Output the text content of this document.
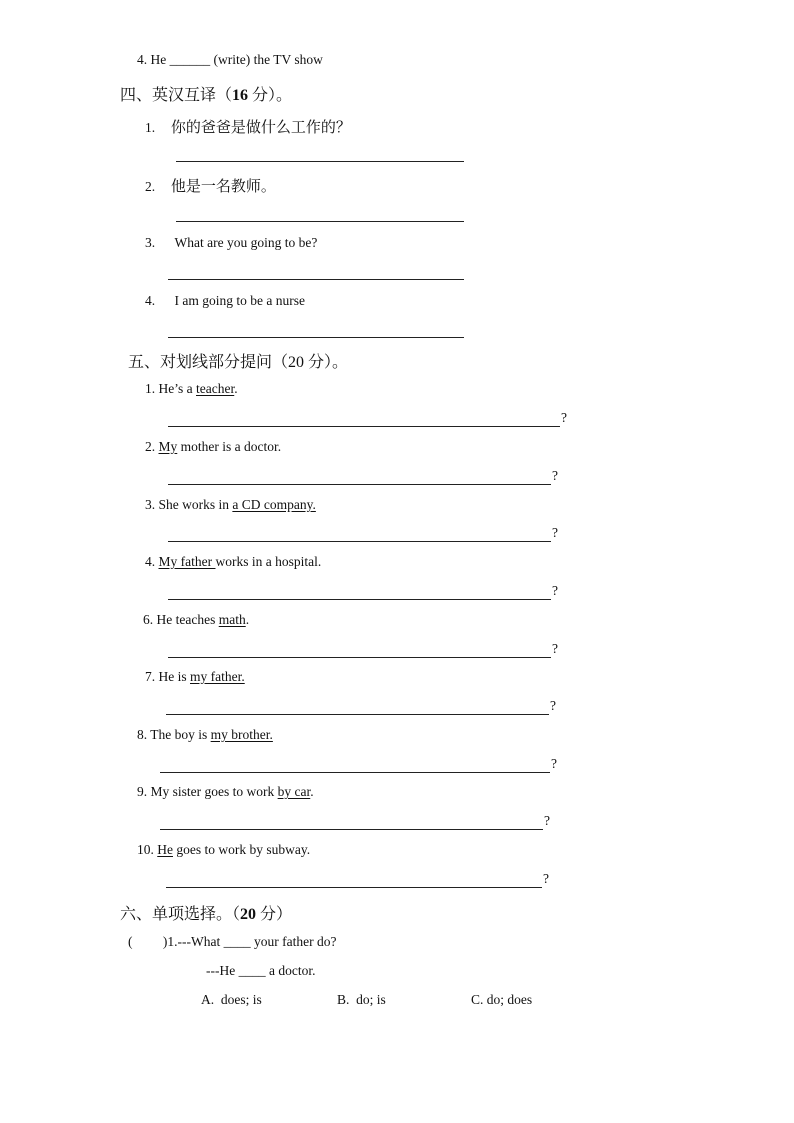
4. He ______ (write) the TV show
四、英汉互译（16 分）。
1. 你的爸爸是做什么工作的？
2. 他是一名教师。
3. What are you going to be?
4. I am going to be a nurse
五、对划线部分提问（20 分）。
1. He’s a teacher.
?
2. My mother is a doctor.
?
3. She works in a CD company.
?
4. My father works in a hospital.
?
6. He teaches math.
?
7. He is my father.
?
8. The boy is my brother.
?
9. My sister goes to work by car.
?
10. He goes to work by subway.
?
六、单项选择。（20 分）
(         )1.---What ____ your father do?
---He ____ a doctor.
A.  does; is	B.  do; is	C. do; does
